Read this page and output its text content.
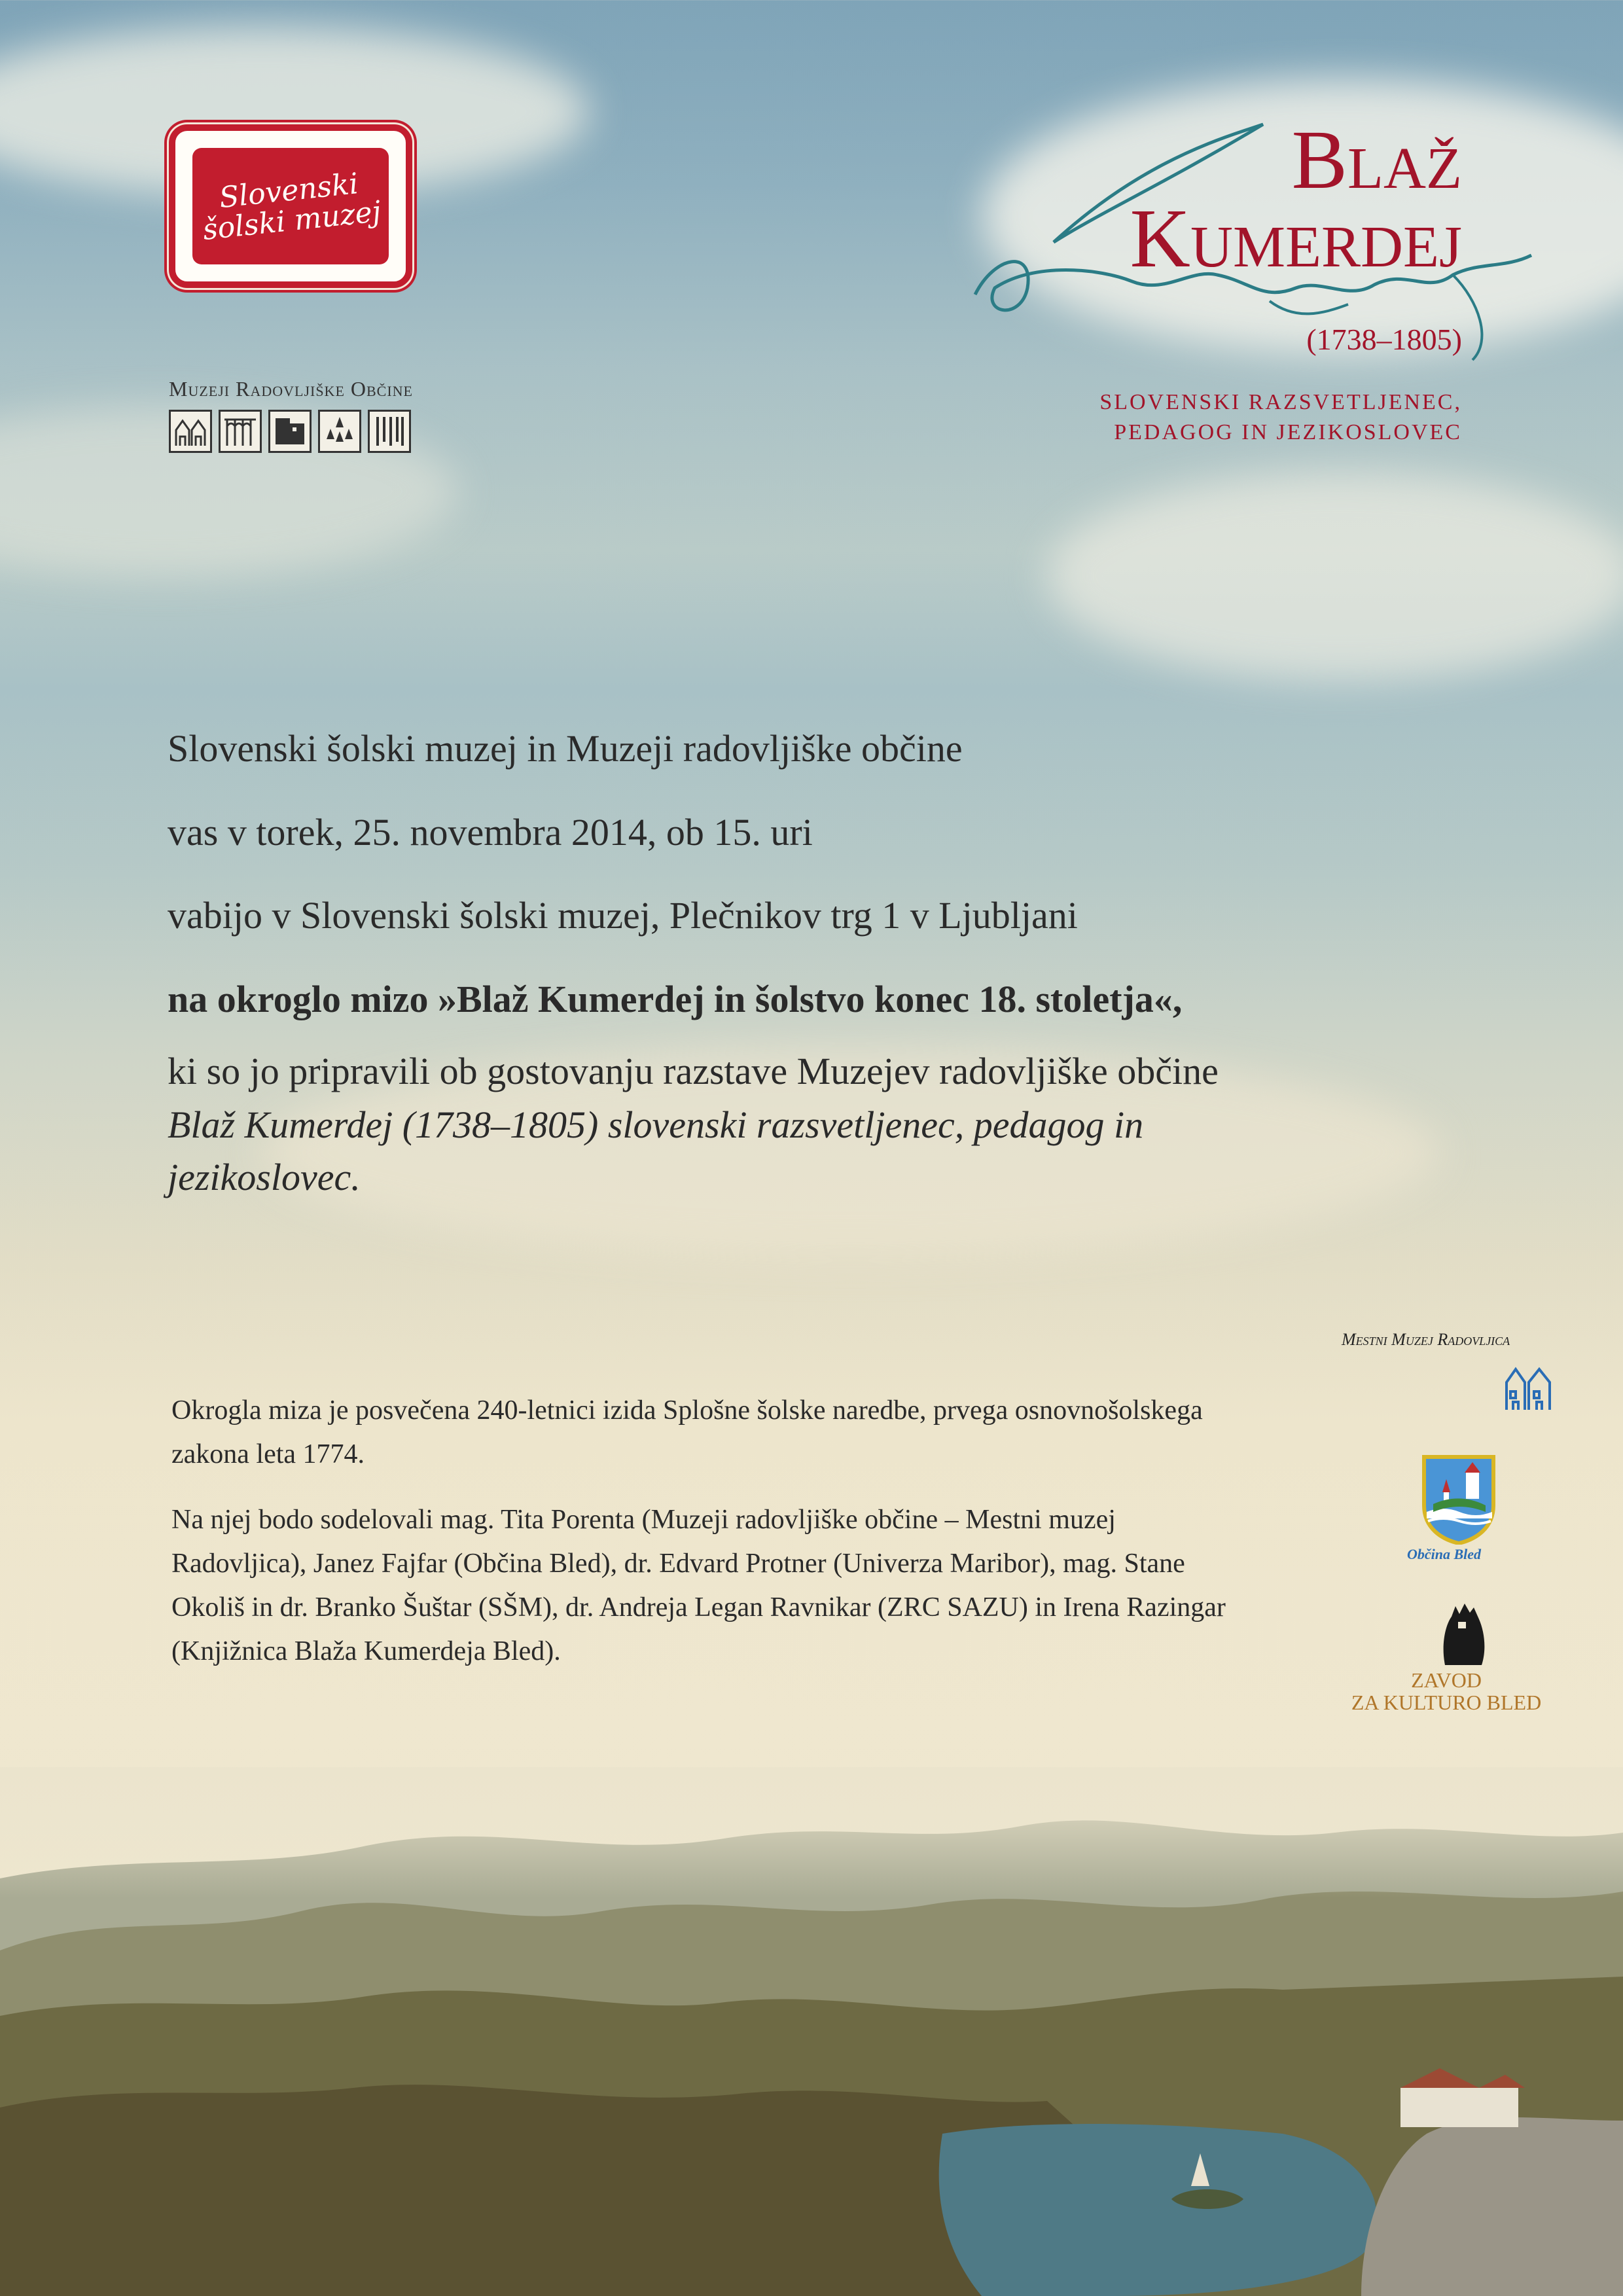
Slovenski
šolski muzej
Muzeji Radovljiške Občine
Blaž
Kumerdej
(1738–1805)
SLOVENSKI RAZSVETLJENEC,
PEDAGOG IN JEZIKOSLOVEC
Slovenski šolski muzej in Muzeji radovljiške občine
vas v torek, 25. novembra 2014, ob 15. uri
vabijo v Slovenski šolski muzej, Plečnikov trg 1 v Ljubljani
na okroglo mizo »Blaž Kumerdej in šolstvo konec 18. stoletja«,
ki so jo pripravili ob gostovanju razstave Muzejev radovljiške občine
Blaž Kumerdej (1738–1805) slovenski razsvetljenec, pedagog in
jezikoslovec.
Okrogla miza je posvečena 240-letnici izida Splošne šolske naredbe, prvega osnovnošolskega zakona leta 1774.
Na njej bodo sodelovali mag. Tita Porenta (Muzeji radovljiške občine – Mestni muzej Radovljica), Janez Fajfar (Občina Bled), dr. Edvard Protner (Univerza Maribor), mag. Stane Okoliš in dr. Branko Šuštar (SŠM), dr. Andreja Legan Ravnikar (ZRC SAZU) in Irena Razingar (Knjižnica Blaža Kumerdeja Bled).
Mestni Muzej Radovljica
Občina Bled
ZAVOD
ZA KULTURO BLED
